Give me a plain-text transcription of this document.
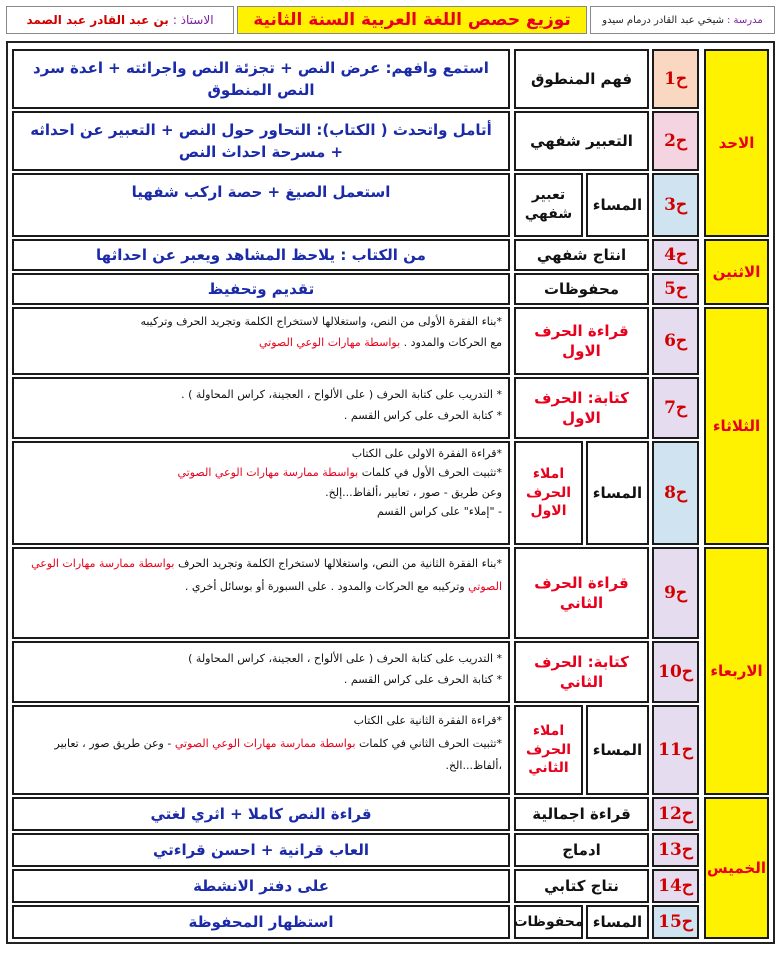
مدرسة :
شيخي عبد القادر درمام سيدو
توزيع حصص اللغة العربية السنة الثانية
الاستاذ :
بن عبد القادر عبد الصمد
الاحد
الاثنين
الثلاثاء
الاربعاء
الخميس
ح1
فهم المنطوق
استمع وافهم: عرض النص + تجزئة النص واجرائته + اعدة سرد النص المنطوق
ح2
التعبير شفهي
أتامل واتحدث ( الكتاب): التحاور حول النص + التعبير عن احداثه + مسرحة احداث النص
ح3
المساء
تعبير شفهي
استعمل الصيغ + حصة اركب شفهيا
ح4
انتاج شفهي
من الكتاب : يلاحظ المشاهد ويعبر عن احداثها
ح5
محفوظات
تقديم وتحفيظ
ح6
قراءة الحرف الاول
*بناء الفقرة الأولى من النص، واستغلالها لاستخراج الكلمة وتجريد الحرف وتركيبه
مع الحركات والمدود . بواسطة مهارات الوعي الصوتي
ح7
كتابة: الحرف الاول
* التدريب على كتابة الحرف ( على الألواح ، العجينة، كراس المحاولة ) .
* كتابة الحرف على كراس القسم .
ح8
المساء
املاء الحرف الاول
*قراءة الفقرة الاولى على الكتاب
*تثبيت الحرف الأول في كلمات بواسطة ممارسة مهارات الوعي الصوتي
وعن طريق - صور ، تعابير ،ألفاظ...إلخ.
- "إملاء" على كراس القسم
ح9
قراءة الحرف الثاني
*بناء الفقرة الثانية من النص، واستغلالها لاستخراج الكلمة وتجريد الحرف بواسطة ممارسة مهارات الوعي الصوتي وتركيبه مع الحركات والمدود . على السبورة أو بوسائل أخري .
ح10
كتابة: الحرف الثاني
* التدريب على كتابة الحرف ( على الألواح ، العجينة، كراس المحاولة )
* كتابة الحرف على كراس القسم .
ح11
المساء
املاء الحرف الثاني
*قراءة الفقرة الثانية على الكتاب
*تثبيت الحرف الثاني في كلمات بواسطة ممارسة مهارات الوعي الصوتي - وعن طريق صور ، تعابير ،ألفاظ...الخ.
ح12
قراءة اجمالية
قراءة النص كاملا + اثري لغتي
ح13
ادماج
العاب قرانية + احسن قراءتي
ح14
نتاج كتابي
على دفتر الانشطة
ح15
المساء
محفوظات
استظهار المحفوظة
